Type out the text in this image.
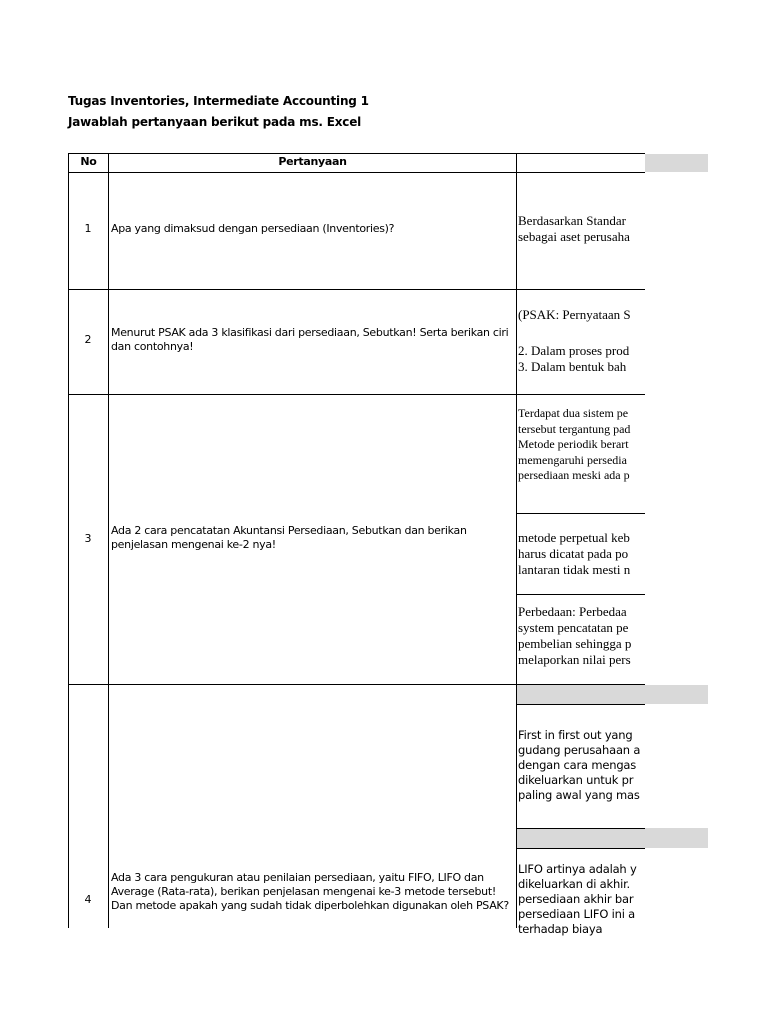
Tugas Inventories, Intermediate Accounting 1
Jawablah pertanyaan berikut pada ms. Excel
No	Pertanyaan
1	Apa yang dimaksud dengan persediaan (Inventories)?
Berdasarkan Standar
sebagai aset perusaha
2
Menurut PSAK ada 3 klasifikasi dari persediaan, Sebutkan! Serta berikan ciri dan contohnya!
(PSAK: Pernyataan S
2. Dalam proses prod
3. Dalam bentuk bah
3
Ada 2 cara pencatatan Akuntansi Persediaan, Sebutkan dan berikan penjelasan mengenai ke-2 nya!
Terdapat dua sistem pe
tersebut tergantung pad
Metode periodik berart
memengaruhi persedia
persediaan meski ada p
metode perpetual keb
harus dicatat pada po
lantaran tidak mesti n
Perbedaan: Perbedaa
system pencatatan pe
pembelian sehingga p
melaporkan nilai pers
4
Ada 3 cara pengukuran atau penilaian persediaan, yaitu FIFO, LIFO dan Average (Rata-rata), berikan penjelasan mengenai ke-3 metode tersebut! Dan metode apakah yang sudah tidak diperbolehkan digunakan oleh PSAK?
First in first out yang
gudang perusahaan a
dengan cara mengas
dikeluarkan untuk pr
paling awal yang mas
LIFO artinya adalah y
dikeluarkan di akhir.
persediaan akhir bar
persediaan LIFO ini a
terhadap biaya
